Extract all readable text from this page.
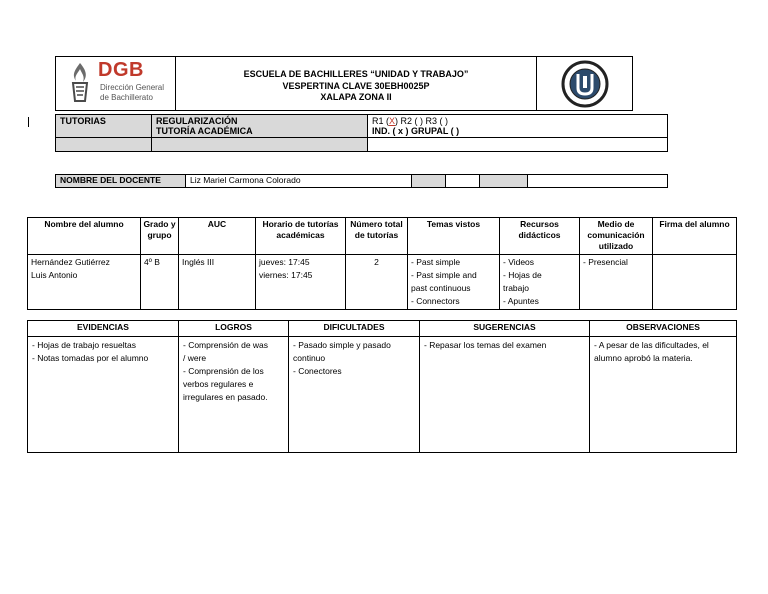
DGB
Dirección General
de Bachillerato
ESCUELA DE BACHILLERES “UNIDAD Y TRABAJO”
VESPERTINA CLAVE 30EBH0025P
XALAPA ZONA II
TUTORIAS	REGULARIZACIÓN
TUTORÍA ACADÉMICA	R1 (X) R2 ( ) R3 ( )
IND. ( x ) GRUPAL ( )

NOMBRE DEL DOCENTE	Liz Mariel Carmona Colorado				
Nombre del alumno	Grado y grupo	AUC	Horario de tutorías académicas	Número total de tutorías	Temas vistos	Recursos didácticos	Medio de comunicación utilizado	Firma del alumno

Hernández Gutiérrez
Luis Antonio	4º B	Inglés III	jueves: 17:45
viernes: 17:45	2	- Past simple
- Past simple and
past continuous
- Connectors	- Videos
- Hojas de
trabajo
- Apuntes	- Presencial	
EVIDENCIAS	LOGROS	DIFICULTADES	SUGERENCIAS	OBSERVACIONES

- Hojas de trabajo resueltas
- Notas tomadas por el alumno	- Comprensión de was
/ were
- Comprensión de los
verbos regulares e
irregulares en pasado.	- Pasado simple y pasado
continuo
- Conectores	- Repasar los temas del examen	- A pesar de las dificultades, el
alumno aprobó la materia.
